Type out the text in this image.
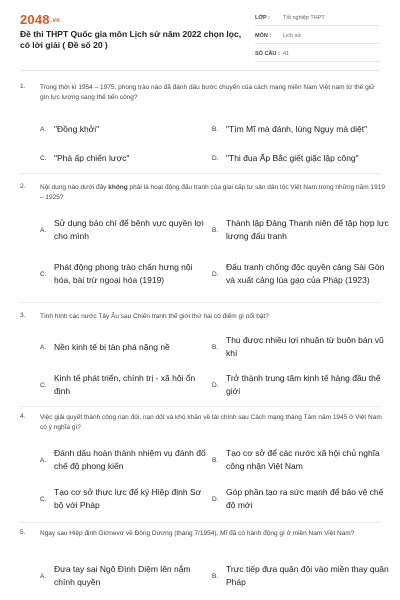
2048.vn
Đề thi THPT Quốc gia môn Lịch sử năm 2022 chọn lọc, có lời giải ( Đề số 20 )
LỚP :	Tốt nghiệp THPT
MÔN :	Lịch sử
SỐ CÂU : 41
1. Trong thời kì 1954 – 1975, phong trào nào đã đánh dấu bước chuyển của cách mạng miền Nam Việt nam từ thế giữ gìn lực lượng sang thế tiến công?
A. "Đồng khởi"	B. "Tìm Mĩ mà đánh, lùng Ngụy mà diệt"
C. "Phá ấp chiến lược"	D. "Thi đua Ấp Bắc giết giặc lập công"
2. Nội dung nào dưới đây không phải là hoạt động đấu tranh của giai cấp tư sản dân tộc Việt Nam trong những năm 1919 – 1925?
A.
Sử dụng báo chí để bênh vực quyền lợi cho mình
B.
Thành lập Đảng Thanh niên để tập hợp lực lượng đấu tranh
C.
Phát động phong trào chấn hưng nội hóa, bài trừ ngoại hóa (1919)
D.
Đấu tranh chống độc quyền cảng Sài Gòn và xuất cảng lúa gạo của Pháp (1923)
3. Tình hình các nước Tây Âu sau Chiến tranh thế giới thứ hai có điểm gì nổi bật?
A. Nền kinh tế bị tàn phá nặng nề	B.
Thu được nhiều lợi nhuận từ buôn bán vũ khí
C.
Kinh tế phát triển, chính trị - xã hội ổn định
D.
Trở thành trung tâm kinh tế hàng đầu thế giới
4. Việc giải quyết thành công nạn đói, nạn dốt và khó khăn về tài chính sau Cách mạng tháng Tám năm 1945 ở Việt Nam có ý nghĩa gì?
A.
Đánh dấu hoàn thành nhiệm vụ đánh đổ chế độ phong kiến
B.
Tạo cơ sở để các nước xã hội chủ nghĩa công nhận Việt Nam
C.
Tạo cơ sở thực lực để ký Hiệp định Sơ bộ với Pháp
D.
Góp phần tạo ra sức mạnh để bảo vệ chế độ mới
5. Ngay sau Hiệp định Giơnevơ về Đông Dương (tháng 7/1954), Mĩ đã có hành động gì ở miền Nam Việt Nam?
A.
Đưa tay sai Ngô Đình Diệm lên nắm chính quyền
B.
Trực tiếp đưa quân đội vào miền thay quân Pháp
